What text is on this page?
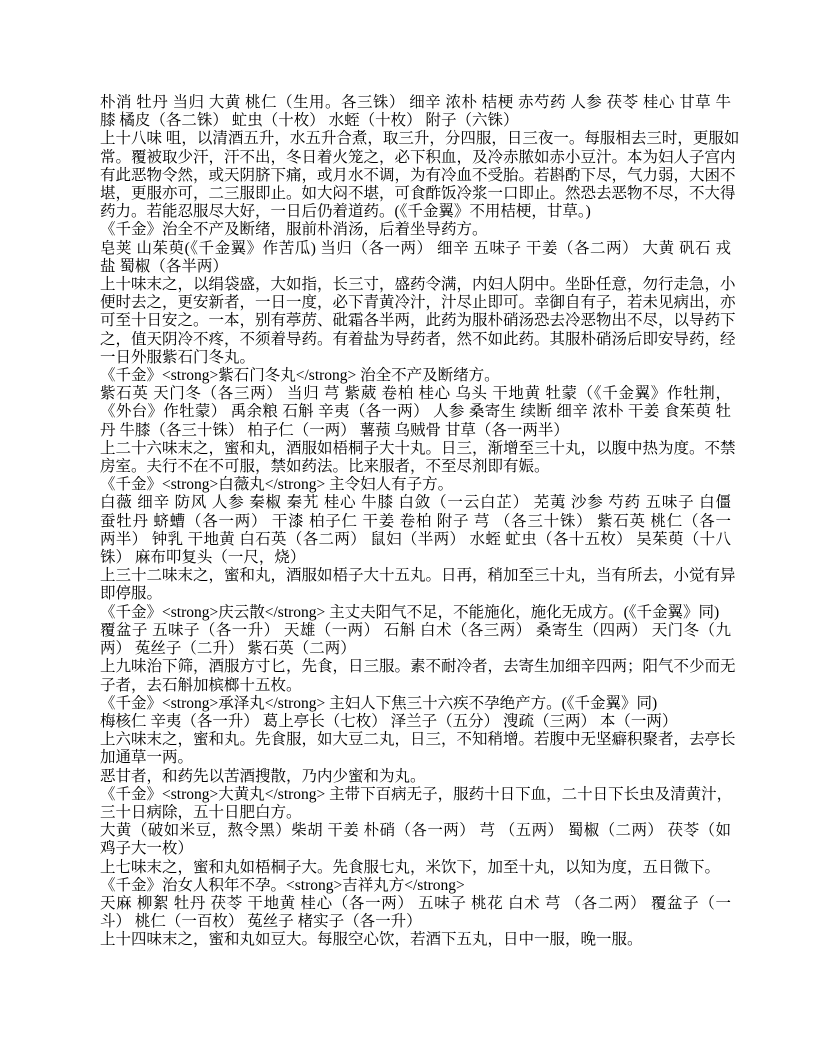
朴消 牡丹 当归 大黄 桃仁（生用。各三铢） 细辛 浓朴 桔梗 赤芍药 人参 茯苓 桂心 甘草 牛
膝 橘皮（各二铢） 虻虫（十枚） 水蛭（十枚） 附子（六铢）
上十八味 咀，以清酒五升，水五升合煮，取三升，分四服，日三夜一。每服相去三时，更服如
常。覆被取少汗，汗不出，冬日着火笼之，必下积血，及冷赤脓如赤小豆汁。本为妇人子宫内
有此恶物令然，或天阴脐下痛，或月水不调，为有冷血不受胎。若斟酌下尽，气力弱，大困不
堪，更服亦可，二三服即止。如大闷不堪，可食酢饭冷浆一口即止。然恐去恶物不尽，不大得
药力。若能忍服尽大好，一日后仍着道药。(《千金翼》不用桔梗，甘草。)
《千金》治全不产及断绪，服前朴消汤，后着坐导药方。
皂荚 山茱萸(《千金翼》作苦瓜) 当归（各一两） 细辛 五味子 干姜（各二两） 大黄 矾石 戎
盐 蜀椒（各半两）
上十味末之，以绢袋盛，大如指，长三寸，盛药令满，内妇人阴中。坐卧任意，勿行走急，小
便时去之，更安新者，一日一度，必下青黄冷汁，汁尽止即可。幸御自有子，若未见病出，亦
可至十日安之。一本，别有葶苈、砒霜各半两，此药为服朴硝汤恐去冷恶物出不尽，以导药下
之，值天阴冷不疼，不须着导药。有着盐为导药者，然不如此药。其服朴硝汤后即安导药，经
一日外服紫石门冬丸。
《千金》<strong>紫石门冬丸</strong> 治全不产及断绪方。
紫石英 天门冬（各三两） 当归 芎 紫葳 卷柏 桂心 乌头 干地黄 牡蒙（《千金翼》作牡荆，
《外台》作牡蒙） 禹余粮 石斛 辛夷（各一两） 人参 桑寄生 续断 细辛 浓朴 干姜 食茱萸 牡
丹 牛膝（各三十铢） 柏子仁（一两） 薯蓣 乌贼骨 甘草（各一两半）
上二十六味末之，蜜和丸，酒服如梧桐子大十丸。日三，渐增至三十丸，以腹中热为度。不禁
房室。夫行不在不可服，禁如药法。比来服者，不至尽剂即有娠。
《千金》<strong>白薇丸</strong> 主令妇人有子方。
白薇 细辛 防风 人参 秦椒 秦艽 桂心 牛膝 白敛（一云白芷） 芜荑 沙参 芍药 五味子 白僵
蚕牡丹 蛴螬（各一两） 干漆 柏子仁 干姜 卷柏 附子 芎 （各三十铢） 紫石英 桃仁（各一
两半） 钟乳 干地黄 白石英（各二两） 鼠妇（半两） 水蛭 虻虫（各十五枚） 吴茱萸（十八
铢） 麻布叩复头（一尺，烧）
上三十二味末之，蜜和丸，酒服如梧子大十五丸。日再，稍加至三十丸，当有所去，小觉有异
即停服。
《千金》<strong>庆云散</strong> 主丈夫阳气不足，不能施化，施化无成方。(《千金翼》同)
覆盆子 五味子（各一升） 天雄（一两） 石斛 白术（各三两） 桑寄生（四两） 天门冬（九
两） 菟丝子（二升） 紫石英（二两）
上九味治下筛，酒服方寸匕，先食，日三服。素不耐冷者，去寄生加细辛四两；阳气不少而无
子者，去石斛加槟榔十五枚。
《千金》<strong>承泽丸</strong> 主妇人下焦三十六疾不孕绝产方。(《千金翼》同)
梅核仁 辛夷（各一升） 葛上亭长（七枚） 泽兰子（五分） 溲疏（三两） 本（一两）
上六味末之，蜜和丸。先食服，如大豆二丸，日三，不知稍增。若腹中无坚癖积聚者，去亭长
加通草一两。
恶甘者，和药先以苦酒搜散，乃内少蜜和为丸。
《千金》<strong>大黄丸</strong> 主带下百病无子，服药十日下血，二十日下长虫及清黄汁，
三十日病除，五十日肥白方。
大黄（破如米豆，熬令黑）柴胡 干姜 朴硝（各一两） 芎 （五两） 蜀椒（二两） 茯苓（如
鸡子大一枚）
上七味末之，蜜和丸如梧桐子大。先食服七丸，米饮下，加至十丸，以知为度，五日微下。
《千金》治女人积年不孕。<strong>吉祥丸方</strong>
天麻 柳絮 牡丹 茯苓 干地黄 桂心（各一两） 五味子 桃花 白术 芎 （各二两） 覆盆子（一
斗） 桃仁（一百枚） 菟丝子 楮实子（各一升）
上十四味末之，蜜和丸如豆大。每服空心饮，若酒下五丸，日中一服，晚一服。
